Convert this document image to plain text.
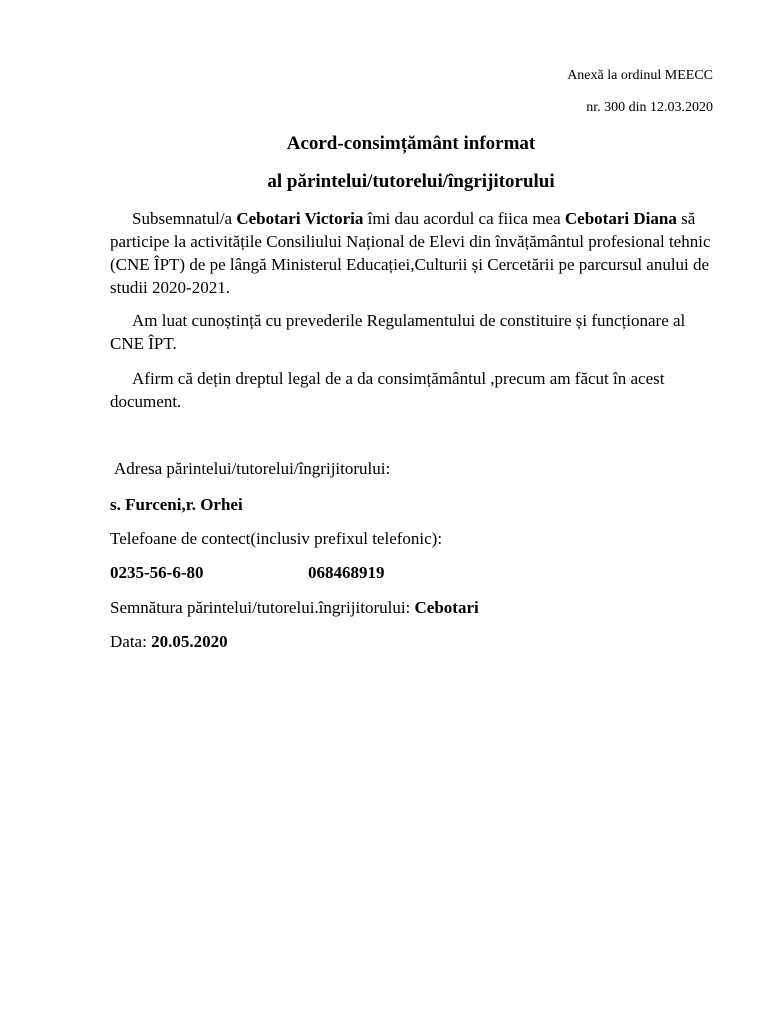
Anexă la ordinul MEECC
nr. 300 din 12.03.2020
Acord-consimțământ informat
al părintelui/tutorelui/îngrijitorului
Subsemnatul/a Cebotari Victoria îmi dau acordul ca fiica mea Cebotari Diana să participe la activitățile Consiliului Național de Elevi din învățământul profesional tehnic (CNE ÎPT) de pe lângă Ministerul Educației,Culturii și Cercetării pe parcursul anului de studii 2020-2021.
Am luat cunoștință cu prevederile Regulamentului de constituire și funcționare al CNE ÎPT.
Afirm că dețin dreptul legal de a da consimțământul ,precum am făcut în acest document.
Adresa părintelui/tutorelui/îngrijitorului:
s. Furceni,r. Orhei
Telefoane de contect(inclusiv prefixul telefonic):
0235-56-6-80	068468919
Semnătura părintelui/tutorelui.îngrijitorului: Cebotari
Data: 20.05.2020
